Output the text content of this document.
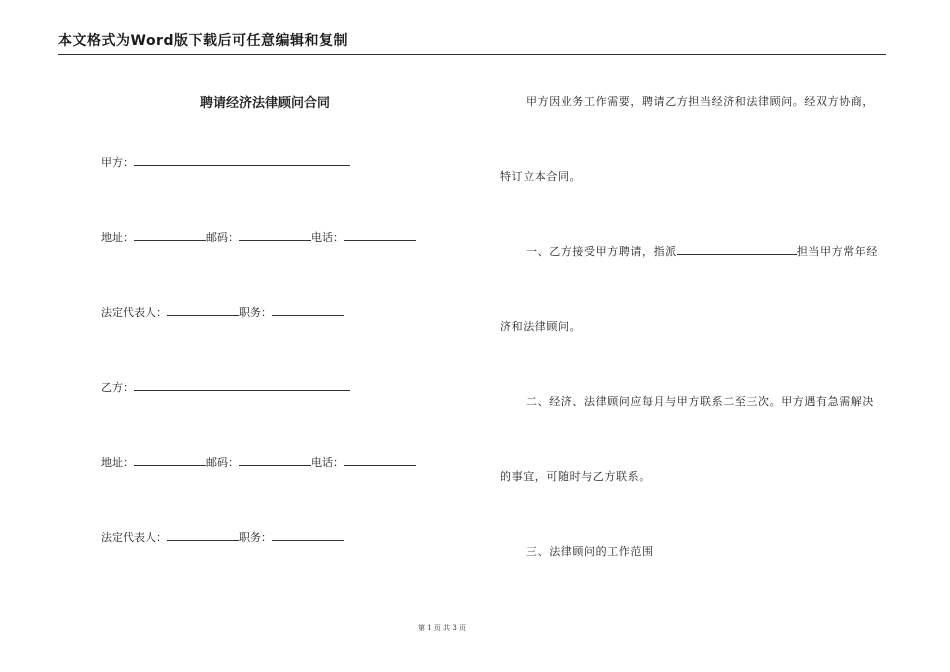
本文格式为Word版下载后可任意编辑和复制
聘请经济法律顾问合同
甲方：
地址：	邮码：	电话：
法定代表人：	职务：
乙方：
地址：	邮码：	电话：
法定代表人：	职务：
甲方因业务工作需要，聘请乙方担当经济和法律顾问。经双方协商，
特订立本合同。
一、乙方接受甲方聘请，指派	担当甲方常年经
济和法律顾问。
二、经济、法律顾问应每月与甲方联系二至三次。甲方遇有急需解决
的事宜，可随时与乙方联系。
三、法律顾问的工作范围
第 1 页 共 3 页
